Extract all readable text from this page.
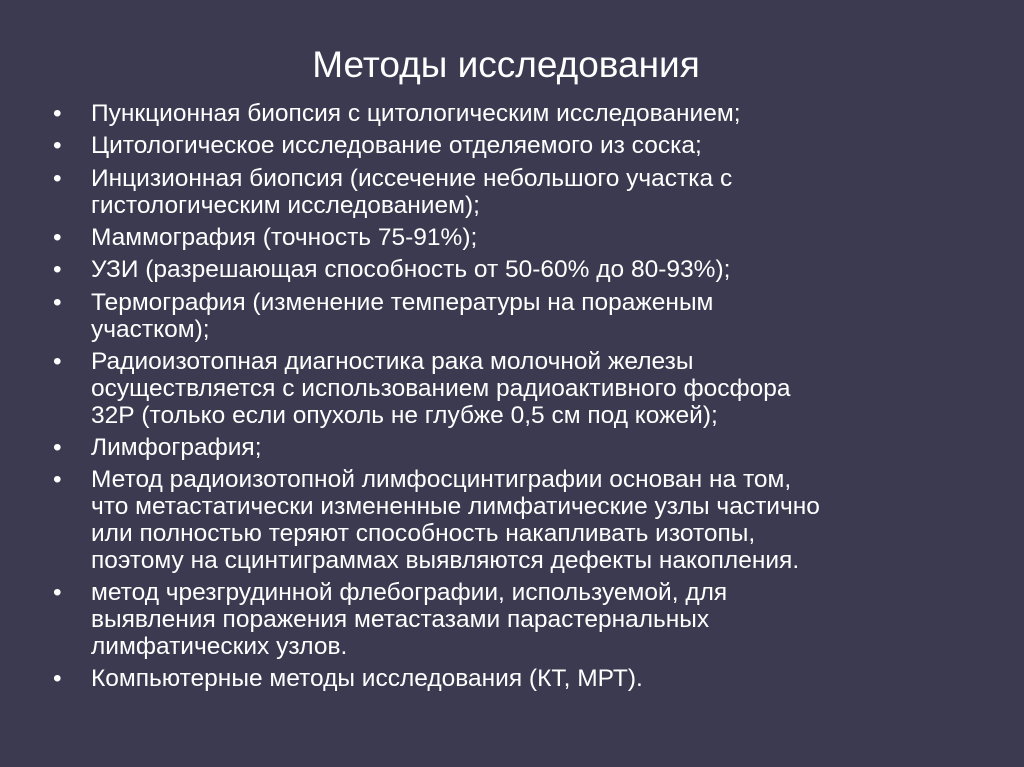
Методы исследования
•	Пункционная биопсия с цитологическим исследованием;
•	Цитологическое исследование отделяемого из соска;
•	Инцизионная биопсия (иссечение небольшого участка с
гистологическим исследованием);
•	Маммография (точность 75-91%);
•	УЗИ (разрешающая способность от 50-60% до 80-93%);
•	Термография (изменение температуры на пораженым
участком);
•	Радиоизотопная диагностика рака молочной железы
осуществляется с использованием радиоактивного фосфора
32Р (только если опухоль не глубже 0,5 см под кожей);
•	Лимфография;
•	Метод радиоизотопной лимфосцинтиграфии основан на том,
что метастатически измененные лимфатические узлы частично
или полностью теряют способность накапливать изотопы,
поэтому на сцинтиграммах выявляются дефекты накопления.
•	метод чрезгрудинной флебографии, используемой, для
выявления поражения метастазами парастернальных
лимфатических узлов.
•	Компьютерные методы исследования (КТ, МРТ).
